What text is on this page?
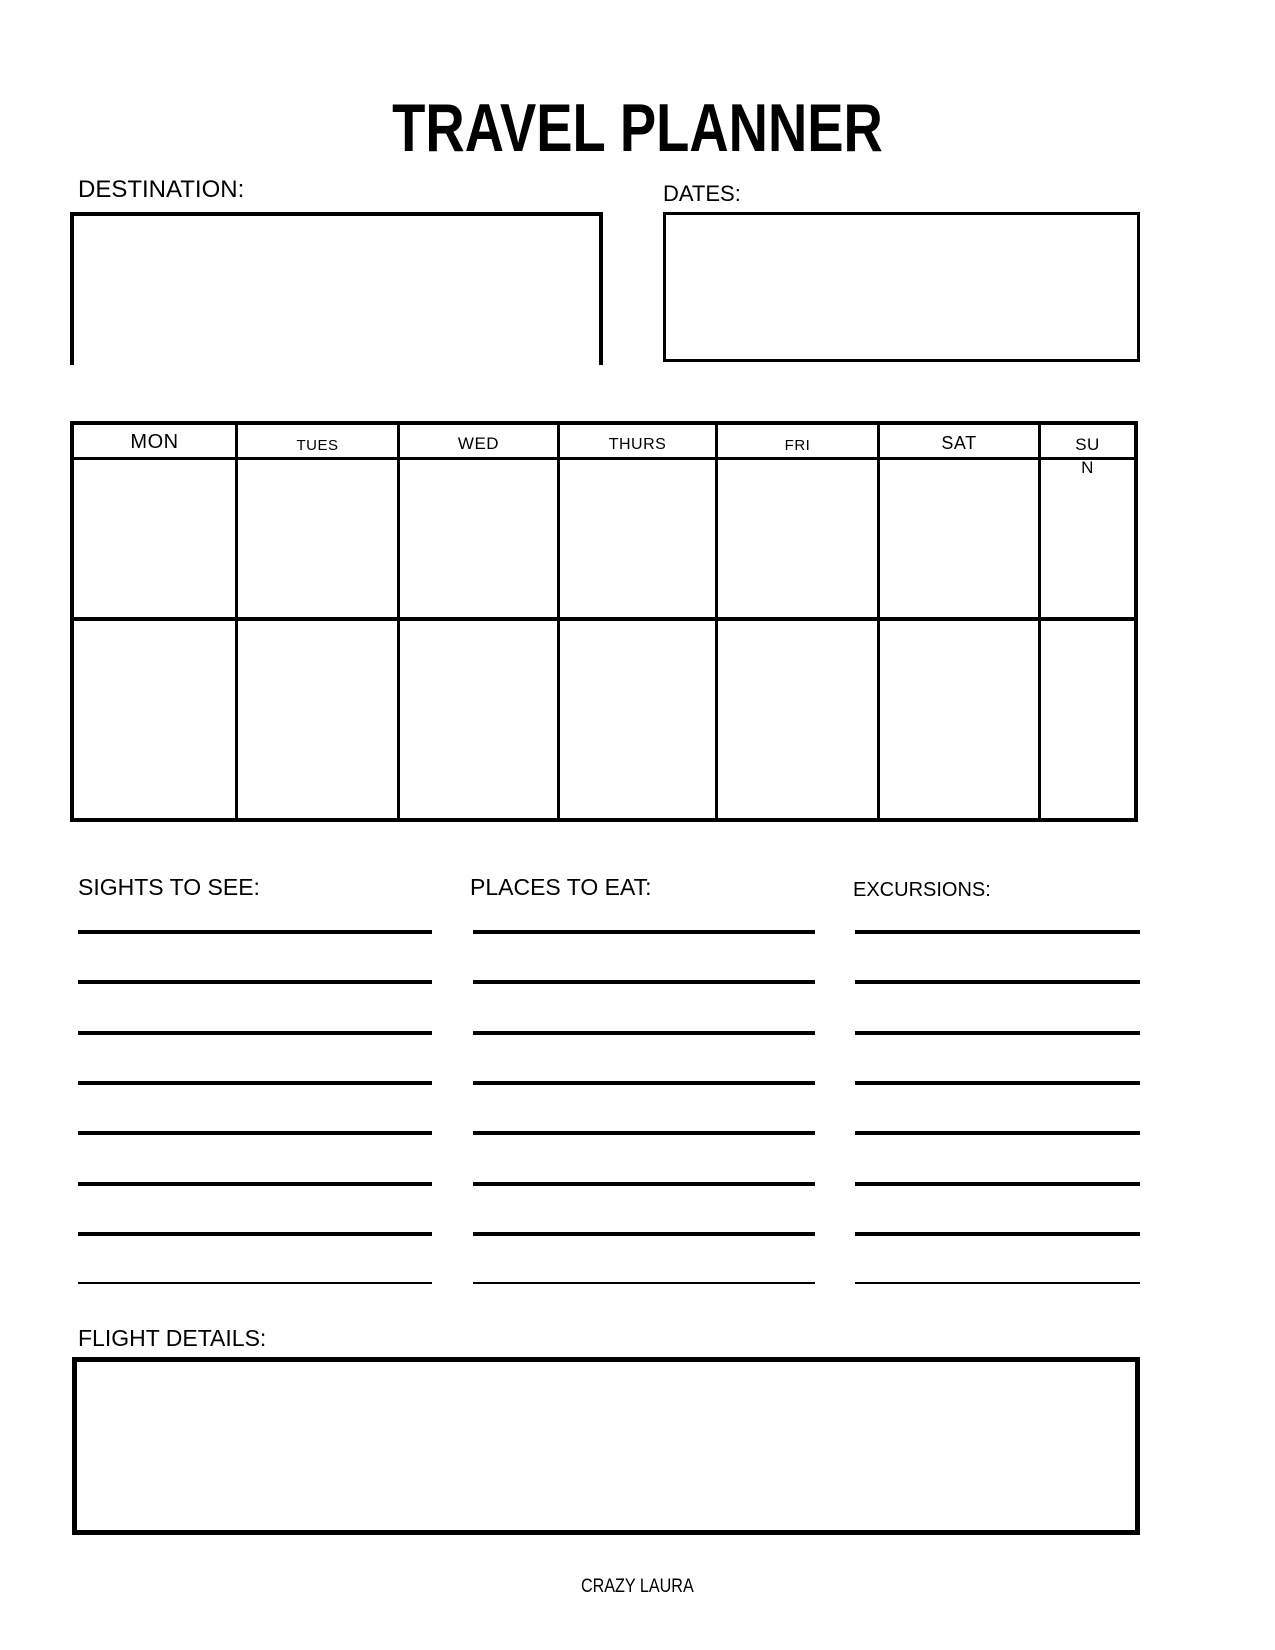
TRAVEL PLANNER
DESTINATION:	DATES:
MON	TUES	WED	THURS	FRI	SAT	SUN
SIGHTS TO SEE:	PLACES TO EAT:	EXCURSIONS:
FLIGHT DETAILS:
CRAZY LAURA
